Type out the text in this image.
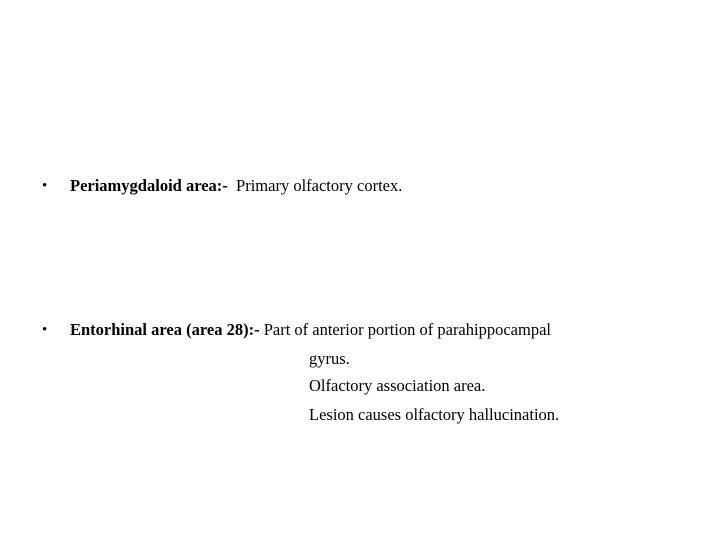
• Periamygdaloid area:- Primary olfactory cortex.
• Entorhinal area (area 28):- Part of anterior portion of parahippocampal
gyrus.
Olfactory association area.
Lesion causes olfactory hallucination.
